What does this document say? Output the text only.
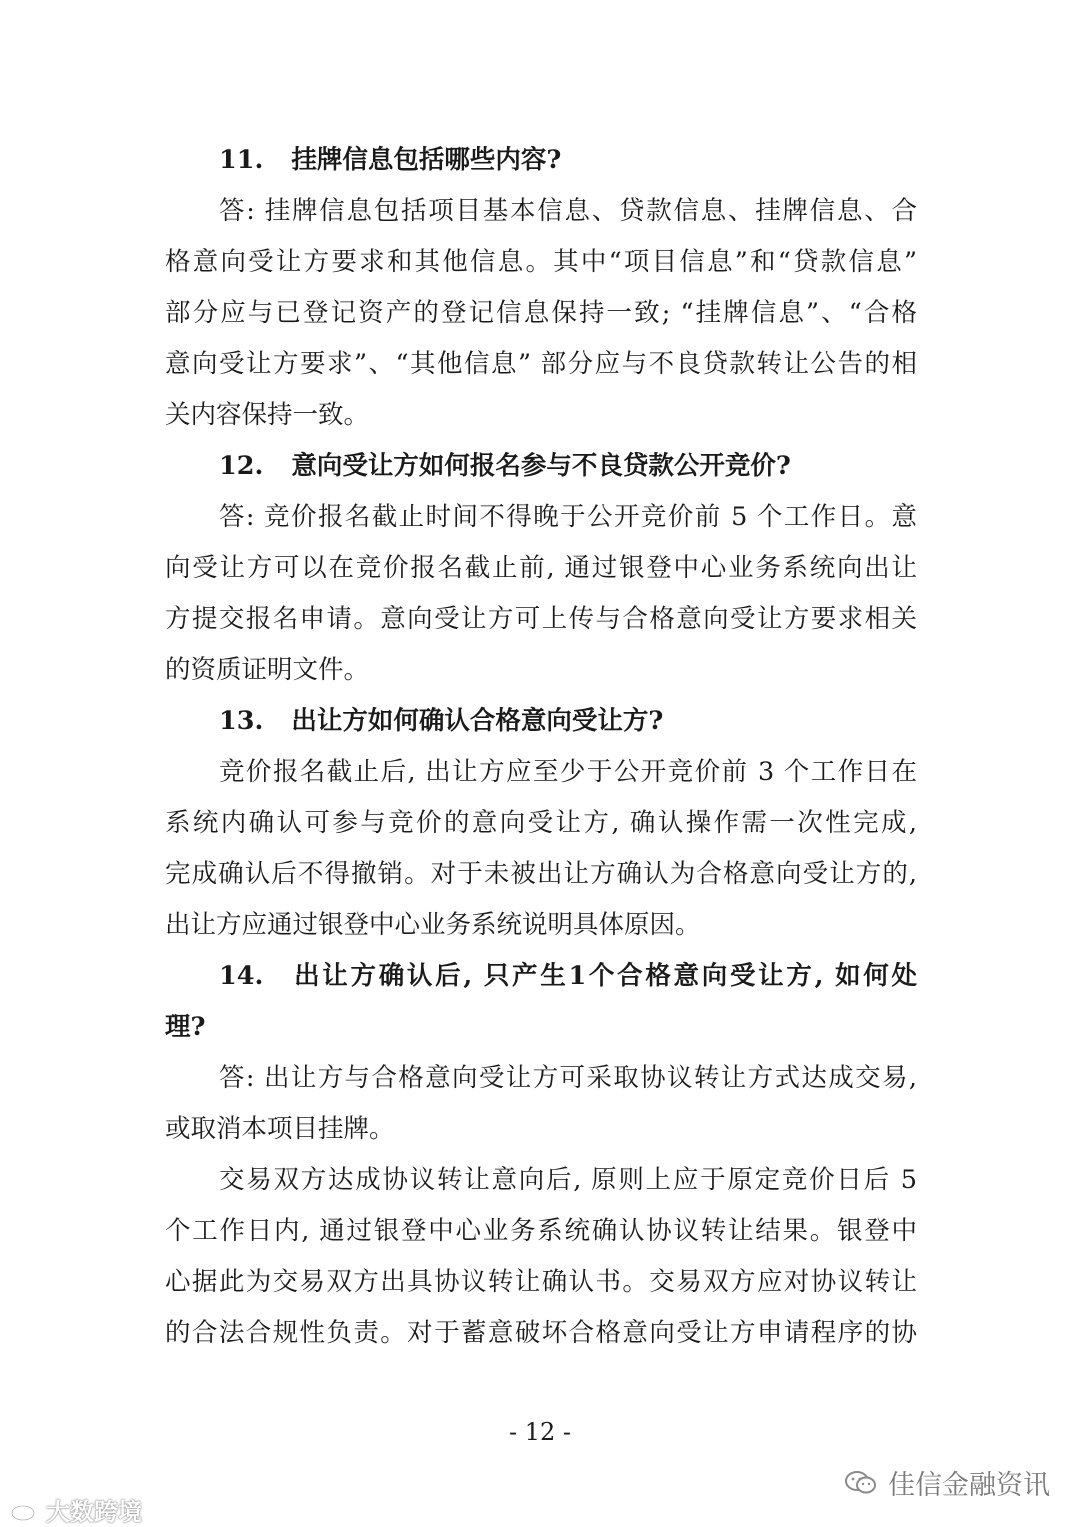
11. 挂牌信息包括哪些内容?
答: 挂牌信息包括项目基本信息、贷款信息、挂牌信息、合
格意向受让方要求和其他信息。其中“项目信息”和“贷款信息”
部分应与已登记资产的登记信息保持一致; “挂牌信息”、“合格
意向受让方要求”、“其他信息” 部分应与不良贷款转让公告的相
关内容保持一致。
12. 意向受让方如何报名参与不良贷款公开竞价?
答: 竞价报名截止时间不得晚于公开竞价前 5 个工作日。意
向受让方可以在竞价报名截止前, 通过银登中心业务系统向出让
方提交报名申请。意向受让方可上传与合格意向受让方要求相关
的资质证明文件。
13. 出让方如何确认合格意向受让方?
竞价报名截止后, 出让方应至少于公开竞价前 3 个工作日在
系统内确认可参与竞价的意向受让方, 确认操作需一次性完成,
完成确认后不得撤销。对于未被出让方确认为合格意向受让方的,
出让方应通过银登中心业务系统说明具体原因。
14. 出让方确认后, 只产生1个合格意向受让方, 如何处
理?
答: 出让方与合格意向受让方可采取协议转让方式达成交易,
或取消本项目挂牌。
交易双方达成协议转让意向后, 原则上应于原定竞价日后 5
个工作日内, 通过银登中心业务系统确认协议转让结果。银登中
心据此为交易双方出具协议转让确认书。交易双方应对协议转让
的合法合规性负责。对于蓄意破坏合格意向受让方申请程序的协
- 12 -
佳信金融资讯
大数跨境
